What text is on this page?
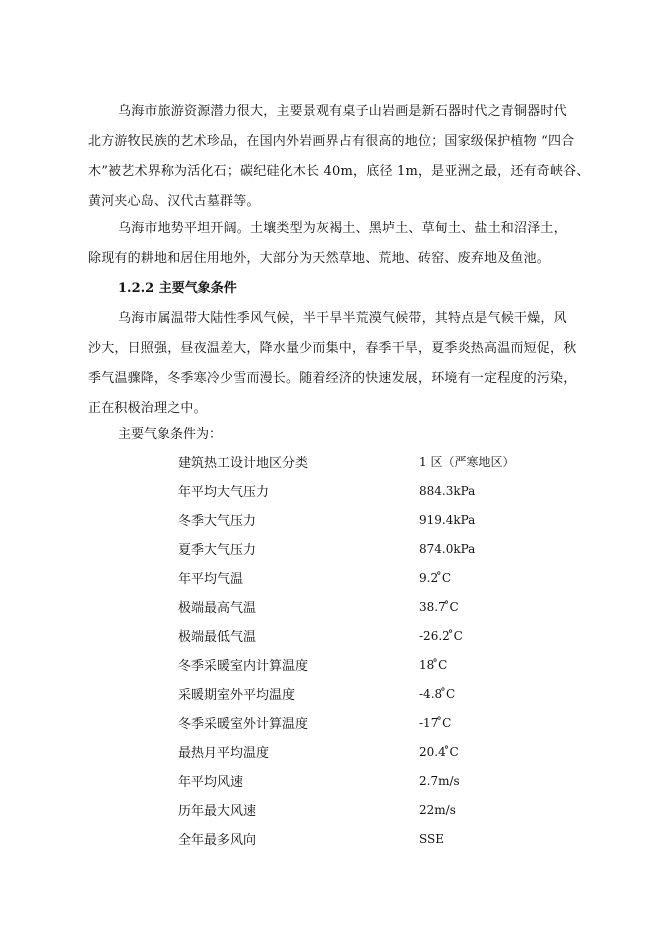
乌海市旅游资源潜力很大，主要景观有桌子山岩画是新石器时代之青铜器时代
北方游牧民族的艺术珍品，在国内外岩画界占有很高的地位；国家级保护植物 “四合
木”被艺术界称为活化石；碳纪硅化木长 40m，底径 1m，是亚洲之最，还有奇峡谷、
黄河夹心岛、汉代古墓群等。

乌海市地势平坦开阔。土壤类型为灰褐土、黑垆土、草甸土、盐土和沼泽土，
除现有的耕地和居住用地外，大部分为天然草地、荒地、砖窑、废弃地及鱼池。

1.2.2 主要气象条件

乌海市属温带大陆性季风气候，半干旱半荒漠气候带，其特点是气候干燥，风
沙大，日照强，昼夜温差大，降水量少而集中，春季干旱，夏季炎热高温而短促，秋
季气温骤降，冬季寒冷少雪而漫长。随着经济的快速发展，环境有一定程度的污染，
正在积极治理之中。

主要气象条件为：

建筑热工设计地区分类	1 区（严寒地区）
年平均大气压力	884.3kPa
冬季大气压力	919.4kPa
夏季大气压力	874.0kPa
年平均气温	9.2 ̊C
极端最高气温	38.7 ̊C
极端最低气温	-26.2 ̊C
冬季采暖室内计算温度	18 ̊C
采暖期室外平均温度	-4.8 ̊C
冬季采暖室外计算温度	-17 ̊C
最热月平均温度	20.4 ̊C
年平均风速	2.7m/s
历年最大风速	22m/s
全年最多风向	SSE
